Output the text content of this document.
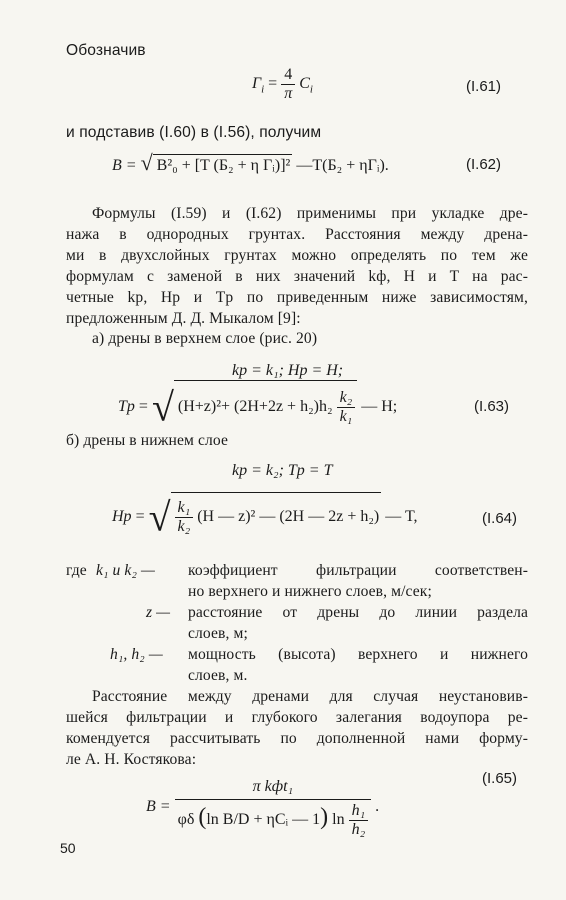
Обозначив
$\Gamma_i = \frac{4}{\pi} C_i$	(I.61)
и подставив (I.60) в (I.56), получим
B = √ B²₀ + [T (Б₂ + η Γᵢ)]² —T(Б₂ + ηΓᵢ).	(I.62)
Формулы (I.59) и (I.62) применимы при укладке дре-
нажа в однородных грунтах. Расстояния между дрена-
ми в двухслойных грунтах можно определять по тем же
формулам с заменой в них значений kф, H и T на рас-
четные kр, Hр и Tр по приведенным ниже зависимостям,
предложенным Д. Д. Мыкалом [9]:
а) дрены в верхнем слое (рис. 20)
kp = k₁; Hp = H;
Tp = √ $(H+z)^2+ (2H+2z + h_2)h_2 \frac{\text{k₂}}{\text{k₁}}$ — H;	(I.63)
б) дрены в нижнем слое
kp = k₂; Tp = T
Hp = √ $\frac{\text{k₁}}{\text{k₂}} (H$ — z)² — (2H — 2z + h₂) — T,	(I.64)
где k₁ и k₂ — коэффициент фильтрации соответствен-
но верхнего и нижнего слоев, м/сек;
z — расстояние от дрены до линии раздела
слоев, м;
h₁, h₂ — мощность (высота) верхнего и нижнего
слоев, м.
Расстояние между дренами для случая неустановив-
шейся фильтрации и глубокого залегания водоупора ре-
комендуется рассчитывать по дополненной нами форму-
ле А. Н. Костякова:
B =
π kфt₁
φδ (ln B/D + ηCᵢ — 1) $\ln \frac{\text{h₁}}{\text{h₂}}$ .
(I.65)
50
